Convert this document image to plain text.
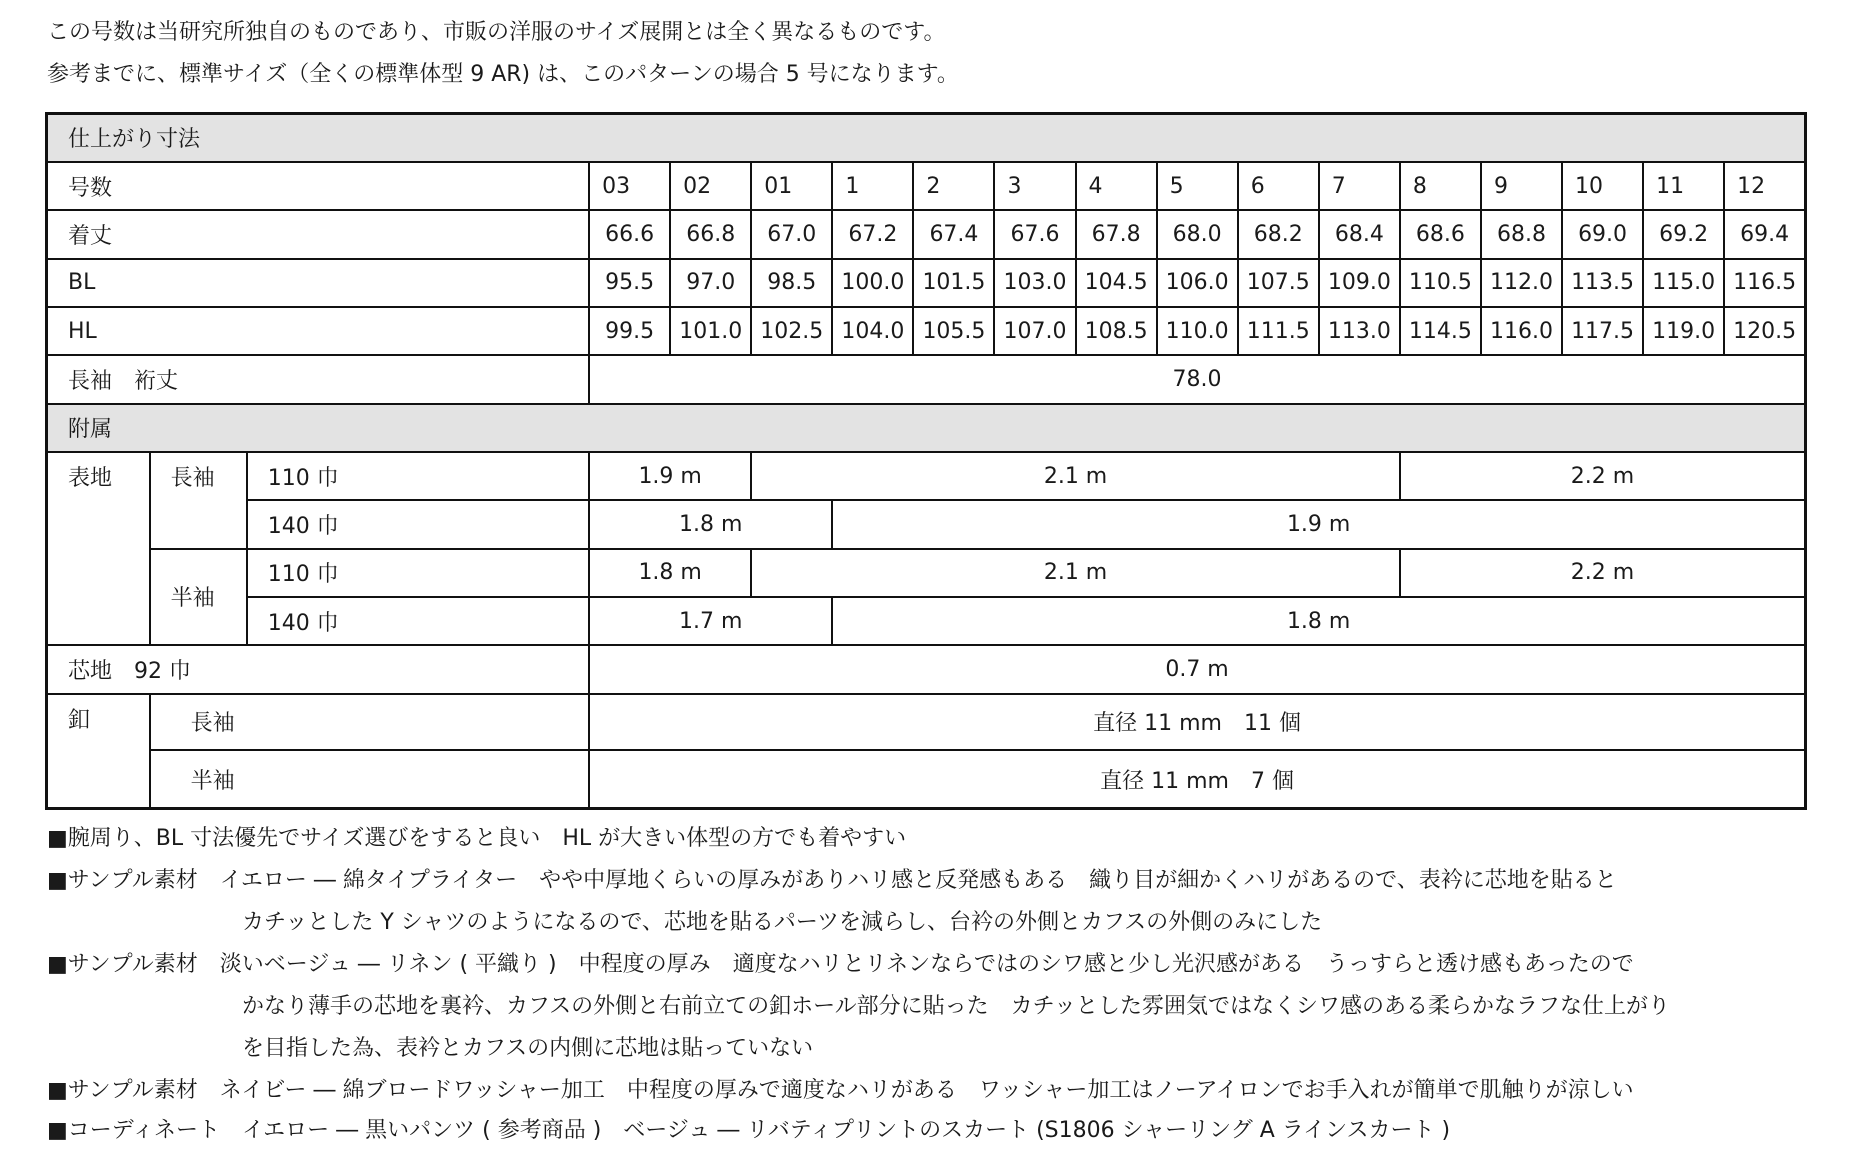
この号数は当研究所独自のものであり、市販の洋服のサイズ展開とは全く異なるものです。
参考までに、標準サイズ（全くの標準体型 9 AR) は、このパターンの場合 5 号になります。
仕上がり寸法																	
号数			03	02	01	1	2	3	4	5	6	7	8	9	10	11	12
着丈			66.6	66.8	67.0	67.2	67.4	67.6	67.8	68.0	68.2	68.4	68.6	68.8	69.0	69.2	69.4
BL			95.5	97.0	98.5	100.0	101.5	103.0	104.5	106.0	107.5	109.0	110.5	112.0	113.5	115.0	116.5
HL			99.5	101.0	102.5	104.0	105.5	107.0	108.5	110.0	111.5	113.0	114.5	116.0	117.5	119.0	120.5
長袖　裄丈			78.0														
附属																	
表地	長袖	110 巾	1.9 m		2.1 m								2.2 m				
		140 巾	1.8 m			1.9 m											
	半袖	110 巾	1.8 m		2.1 m								2.2 m				
		140 巾	1.7 m			1.8 m											
芯地　92 巾			0.7 m														
釦	長袖		直径 11 mm　11 個														
	半袖		直径 11 mm　7 個														
■腕周り、BL 寸法優先でサイズ選びをすると良い　HL が大きい体型の方でも着やすい
■サンプル素材　イエロー ― 綿タイプライター　やや中厚地くらいの厚みがありハリ感と反発感もある　織り目が細かくハリがあるので、表衿に芯地を貼ると
カチッとした Y シャツのようになるので、芯地を貼るパーツを減らし、台衿の外側とカフスの外側のみにした
■サンプル素材　淡いベージュ ― リネン ( 平織り )　中程度の厚み　適度なハリとリネンならではのシワ感と少し光沢感がある　うっすらと透け感もあったので
かなり薄手の芯地を裏衿、カフスの外側と右前立ての釦ホール部分に貼った　カチッとした雰囲気ではなくシワ感のある柔らかなラフな仕上がり
を目指した為、表衿とカフスの内側に芯地は貼っていない
■サンプル素材　ネイビー ― 綿ブロードワッシャー加工　中程度の厚みで適度なハリがある　ワッシャー加工はノーアイロンでお手入れが簡単で肌触りが涼しい
■コーディネート　イエロー ― 黒いパンツ ( 参考商品 )　ベージュ ― リバティプリントのスカート (S1806 シャーリング A ラインスカート )
